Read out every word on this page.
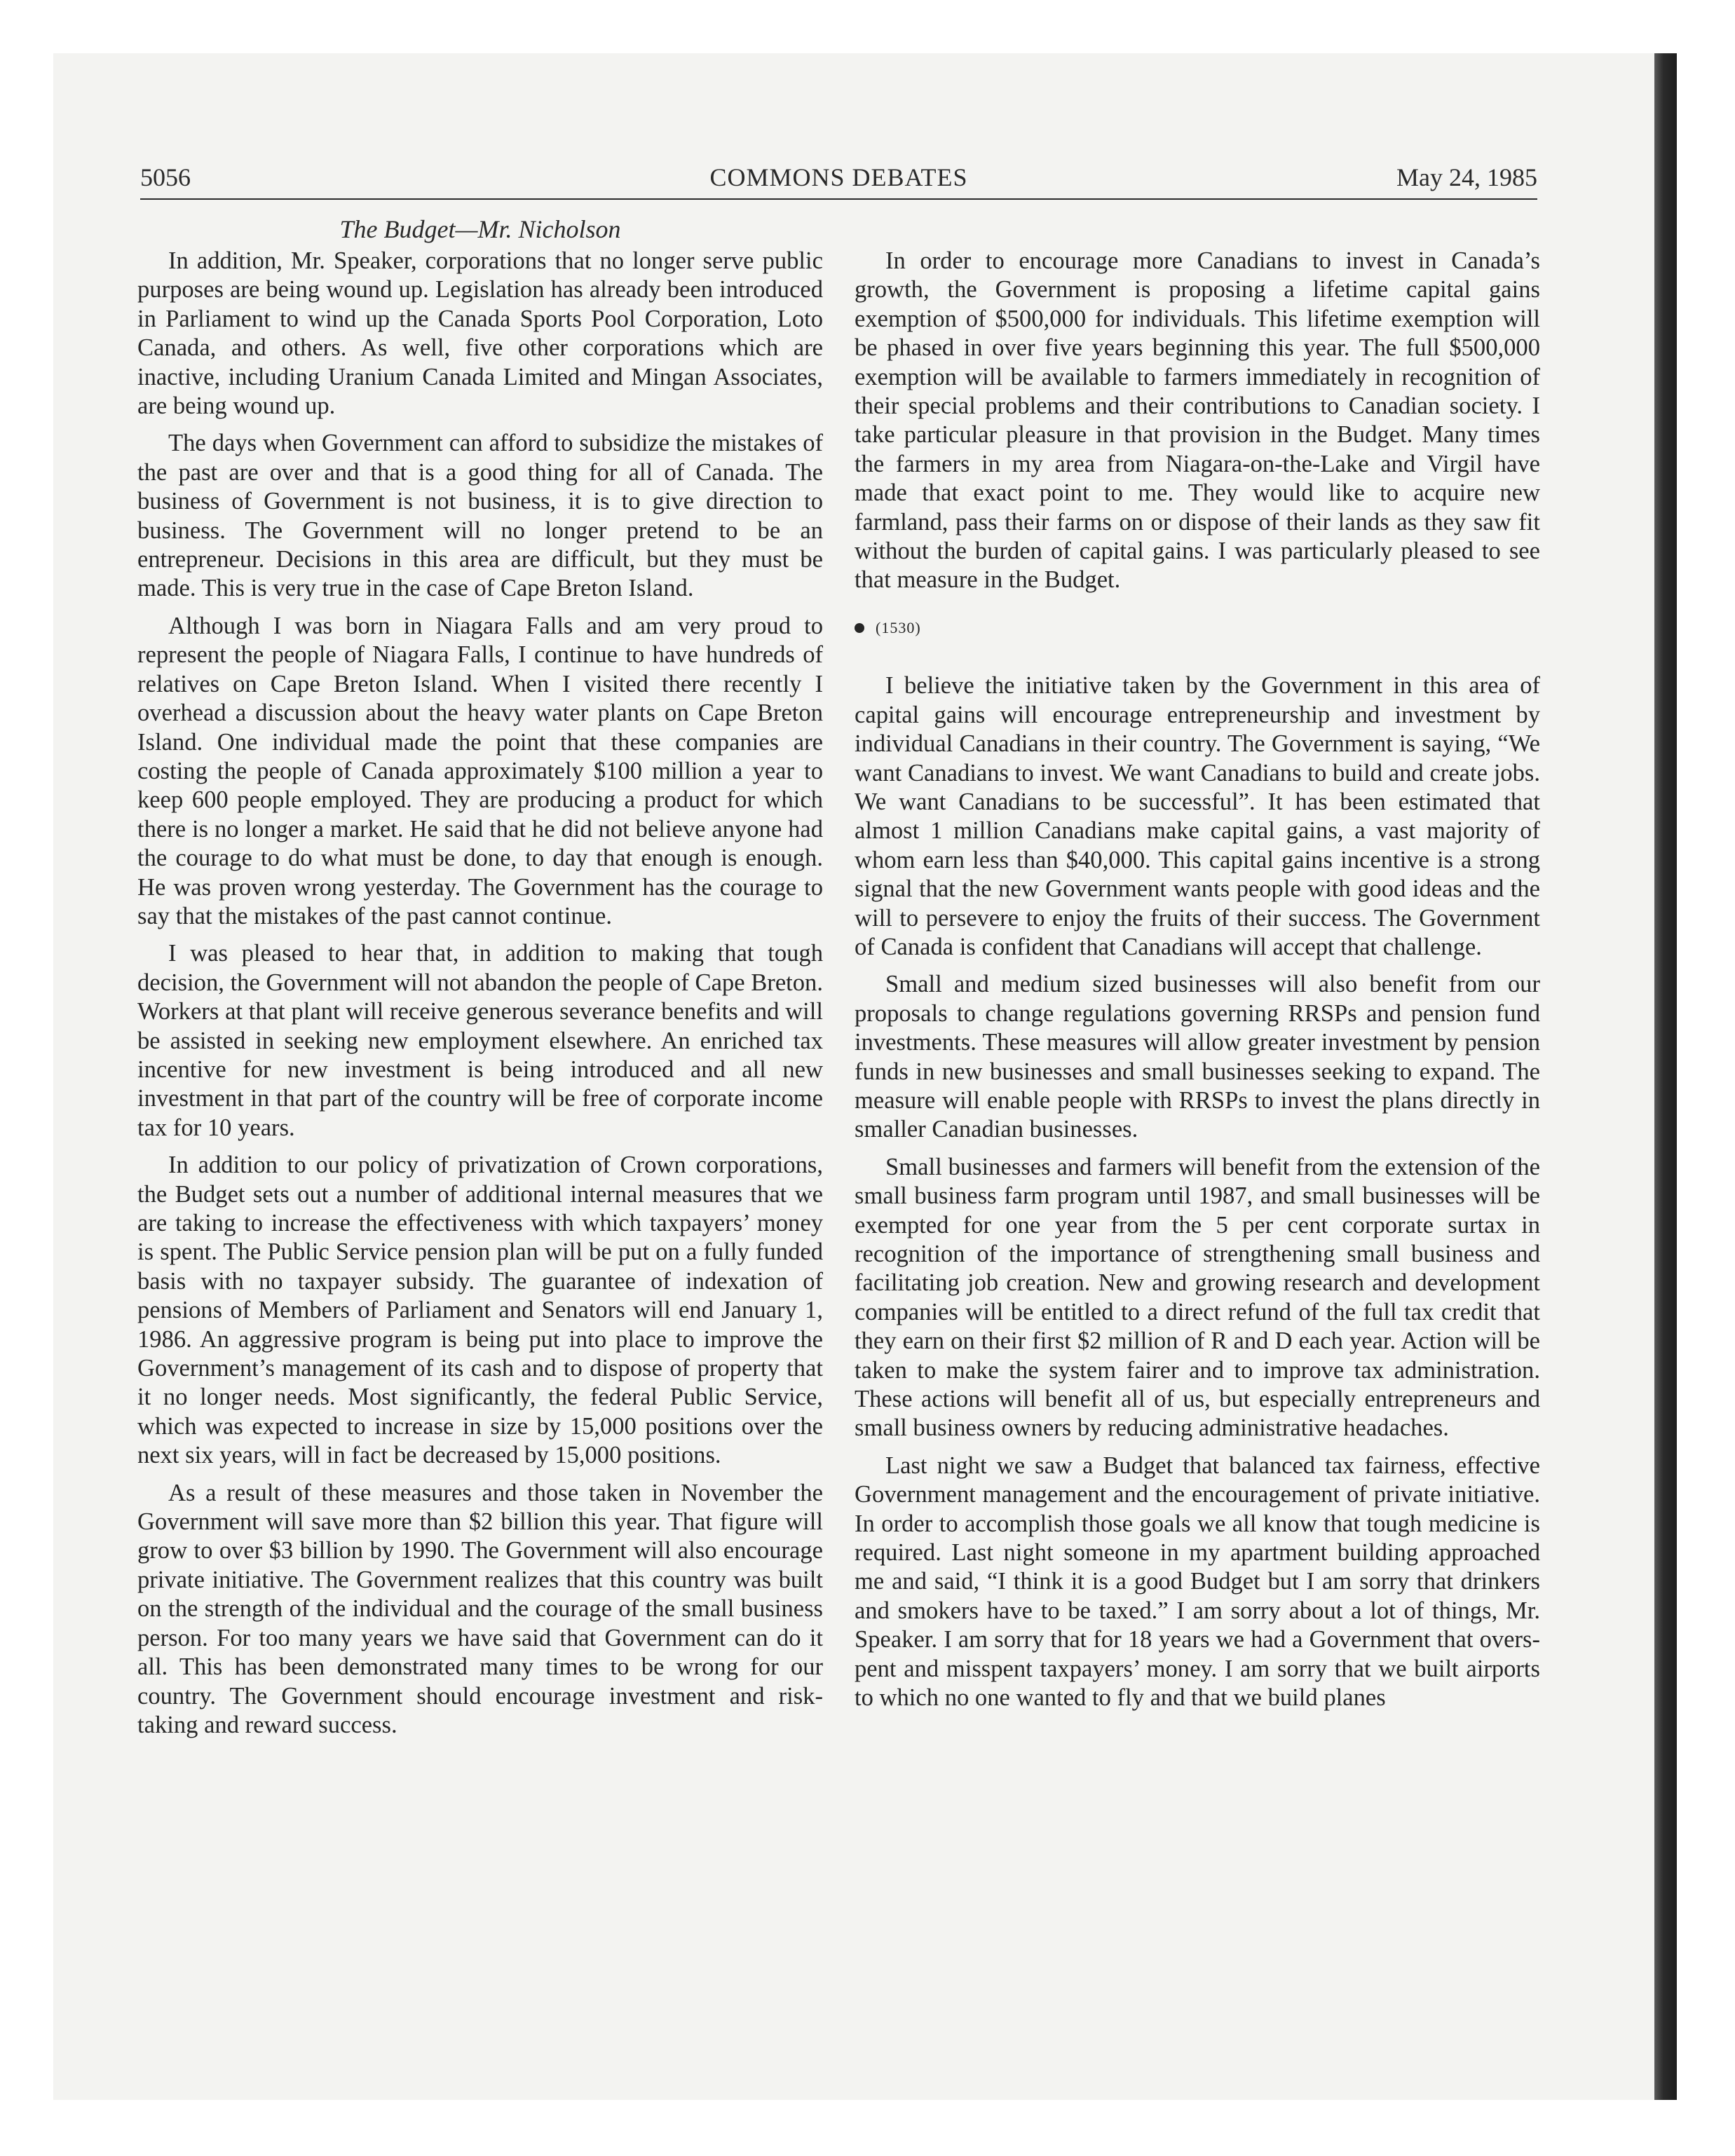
5056	COMMONS DEBATES	May 24, 1985
The Budget—Mr. Nicholson

In addition, Mr. Speaker, corporations that no longer serve public purposes are being wound up. Legislation has already been introduced in Parliament to wind up the Canada Sports Pool Corporation, Loto Canada, and others. As well, five other corporations which are inactive, including Uranium Canada Limited and Mingan Associates, are being wound up.

The days when Government can afford to subsidize the mistakes of the past are over and that is a good thing for all of Canada. The business of Government is not business, it is to give direction to business. The Government will no longer pretend to be an entrepreneur. Decisions in this area are difficult, but they must be made. This is very true in the case of Cape Breton Island.

Although I was born in Niagara Falls and am very proud to represent the people of Niagara Falls, I continue to have hundreds of relatives on Cape Breton Island. When I visited there recently I overhead a discussion about the heavy water plants on Cape Breton Island. One individual made the point that these companies are costing the people of Canada approximately $100 million a year to keep 600 people employed. They are producing a product for which there is no longer a market. He said that he did not believe anyone had the courage to do what must be done, to day that enough is enough. He was proven wrong yesterday. The Government has the courage to say that the mistakes of the past cannot continue.

I was pleased to hear that, in addition to making that tough decision, the Government will not abandon the people of Cape Breton. Workers at that plant will receive generous severance benefits and will be assisted in seeking new employment elsewhere. An enriched tax incentive for new investment is being introduced and all new investment in that part of the country will be free of corporate income tax for 10 years.

In addition to our policy of privatization of Crown corporations, the Budget sets out a number of additional internal measures that we are taking to increase the effectiveness with which taxpayers’ money is spent. The Public Service pension plan will be put on a fully funded basis with no taxpayer subsidy. The guarantee of indexation of pensions of Members of Parliament and Senators will end January 1, 1986. An aggressive program is being put into place to improve the Government’s management of its cash and to dispose of property that it no longer needs. Most significantly, the federal Public Service, which was expected to increase in size by 15,000 positions over the next six years, will in fact be decreased by 15,000 positions.

As a result of these measures and those taken in November the Government will save more than $2 billion this year. That figure will grow to over $3 billion by 1990. The Government will also encourage private initiative. The Government realizes that this country was built on the strength of the individual and the courage of the small business person. For too many years we have said that Government can do it all. This has been demonstrated many times to be wrong for our country. The Government should encourage investment and risk-taking and reward success.

In order to encourage more Canadians to invest in Canada’s growth, the Government is proposing a lifetime capital gains exemption of $500,000 for individuals. This lifetime exemption will be phased in over five years beginning this year. The full $500,000 exemption will be available to farmers immediately in recognition of their special problems and their contributions to Canadian society. I take particular pleasure in that provision in the Budget. Many times the farmers in my area from Niagara-on-the-Lake and Virgil have made that exact point to me. They would like to acquire new farmland, pass their farms on or dispose of their lands as they saw fit without the burden of capital gains. I was particularly pleased to see that measure in the Budget.

(1530)

I believe the initiative taken by the Government in this area of capital gains will encourage entrepreneurship and investment by individual Canadians in their country. The Government is saying, “We want Canadians to invest. We want Canadians to build and create jobs. We want Canadians to be successful”. It has been estimated that almost 1 million Canadians make capital gains, a vast majority of whom earn less than $40,000. This capital gains incentive is a strong signal that the new Government wants people with good ideas and the will to persevere to enjoy the fruits of their success. The Government of Canada is confident that Canadians will accept that challenge.

Small and medium sized businesses will also benefit from our proposals to change regulations governing RRSPs and pension fund investments. These measures will allow greater investment by pension funds in new businesses and small businesses seeking to expand. The measure will enable people with RRSPs to invest the plans directly in smaller Canadian businesses.

Small businesses and farmers will benefit from the extension of the small business farm program until 1987, and small businesses will be exempted for one year from the 5 per cent corporate surtax in recognition of the importance of strengthening small business and facilitating job creation. New and growing research and development companies will be entitled to a direct refund of the full tax credit that they earn on their first $2 million of R and D each year. Action will be taken to make the system fairer and to improve tax administration. These actions will benefit all of us, but especially entrepreneurs and small business owners by reducing administrative headaches.

Last night we saw a Budget that balanced tax fairness, effective Government management and the encouragement of private initiative. In order to accomplish those goals we all know that tough medicine is required. Last night someone in my apartment building approached me and said, “I think it is a good Budget but I am sorry that drinkers and smokers have to be taxed.” I am sorry about a lot of things, Mr. Speaker. I am sorry that for 18 years we had a Government that overspent and misspent taxpayers’ money. I am sorry that we built airports to which no one wanted to fly and that we build planes
